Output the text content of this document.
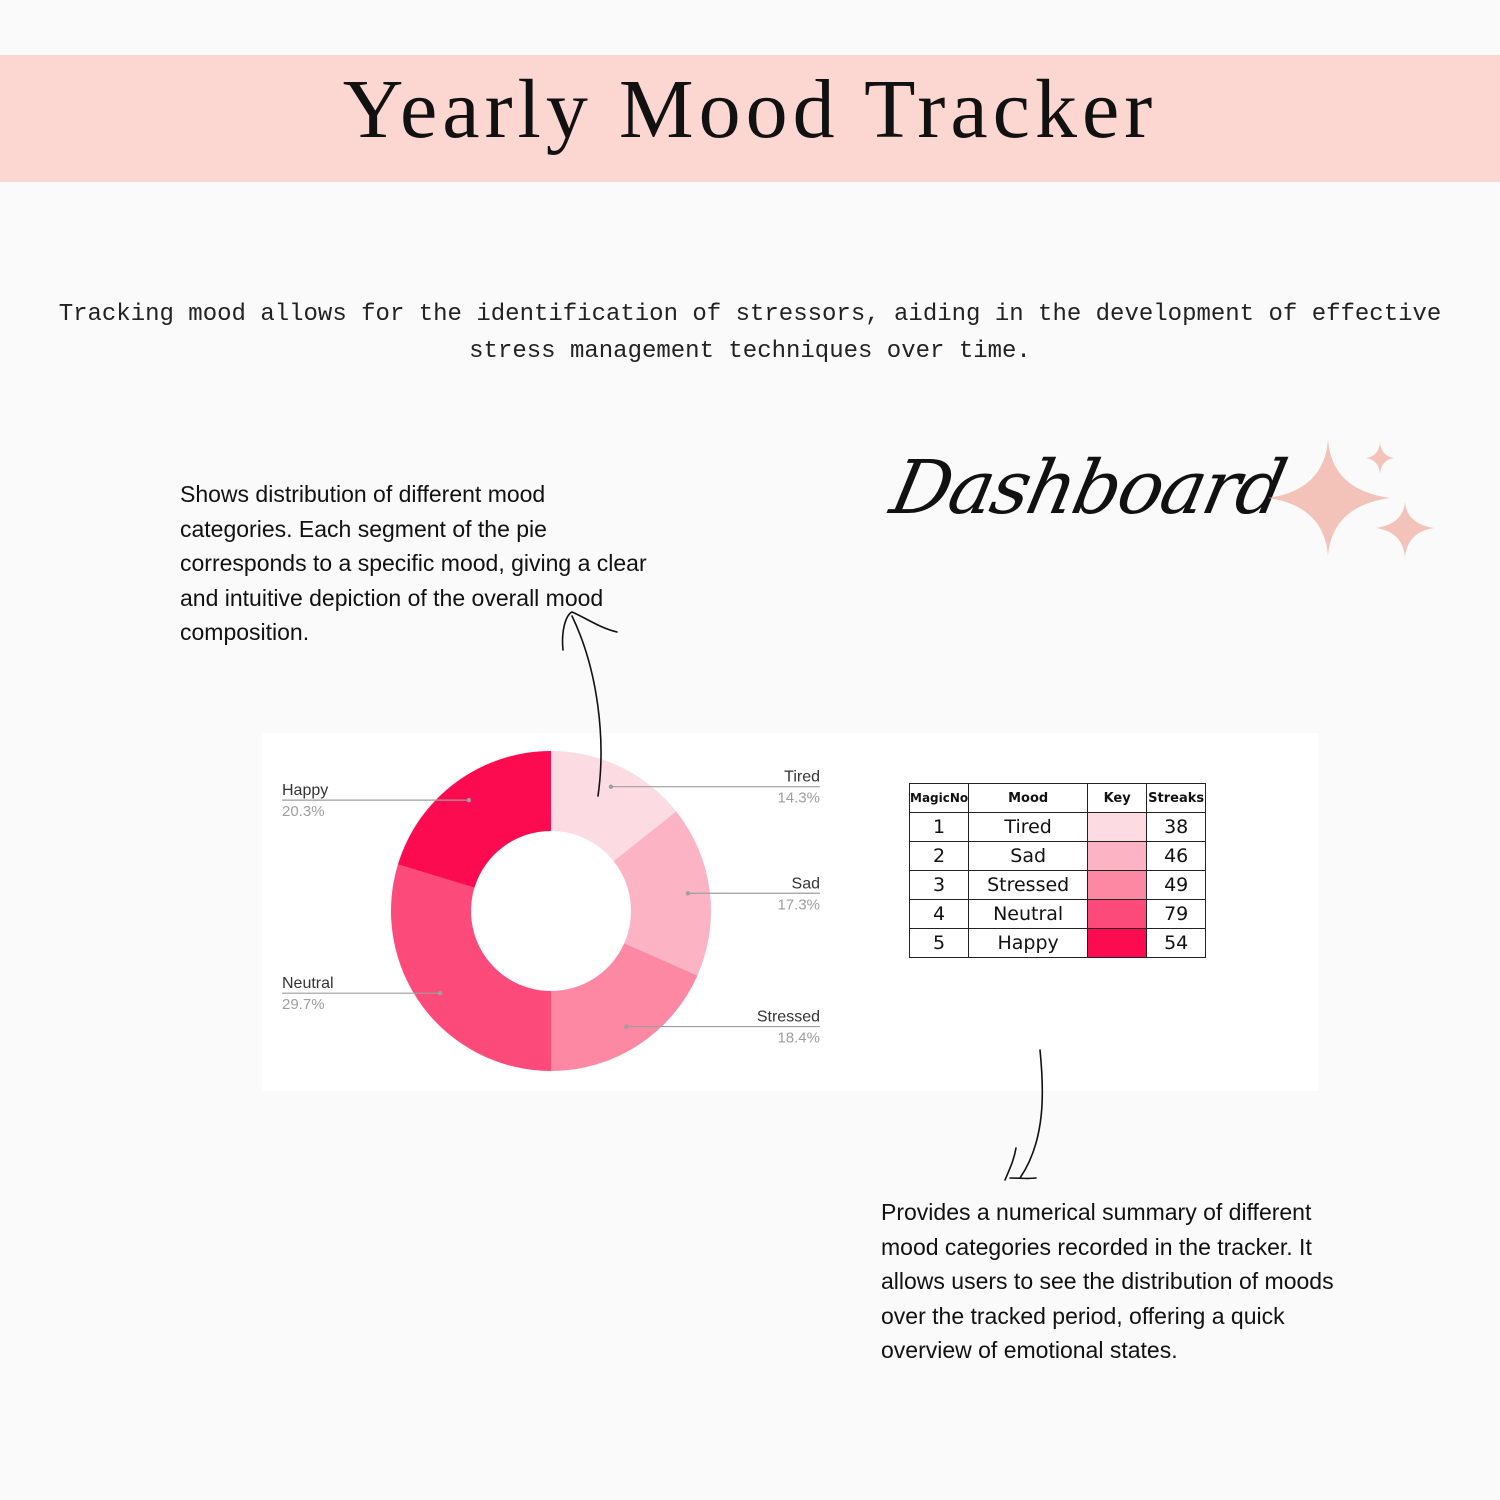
Yearly Mood Tracker
Tracking mood allows for the identification of stressors, aiding in the development of effective stress management techniques over time.
Shows distribution of different mood categories. Each segment of the pie corresponds to a specific mood, giving a clear and intuitive depiction of the overall mood composition.
Dashboard
Tired
14.3%
Sad
17.3%
Stressed
18.4%
Neutral
29.7%
Happy
20.3%
MagicNo	Mood	Key	Streaks
1	Tired		38
2	Sad		46
3	Stressed		49
4	Neutral		79
5	Happy		54
Provides a numerical summary of different mood categories recorded in the tracker. It allows users to see the distribution of moods over the tracked period, offering a quick overview of emotional states.
